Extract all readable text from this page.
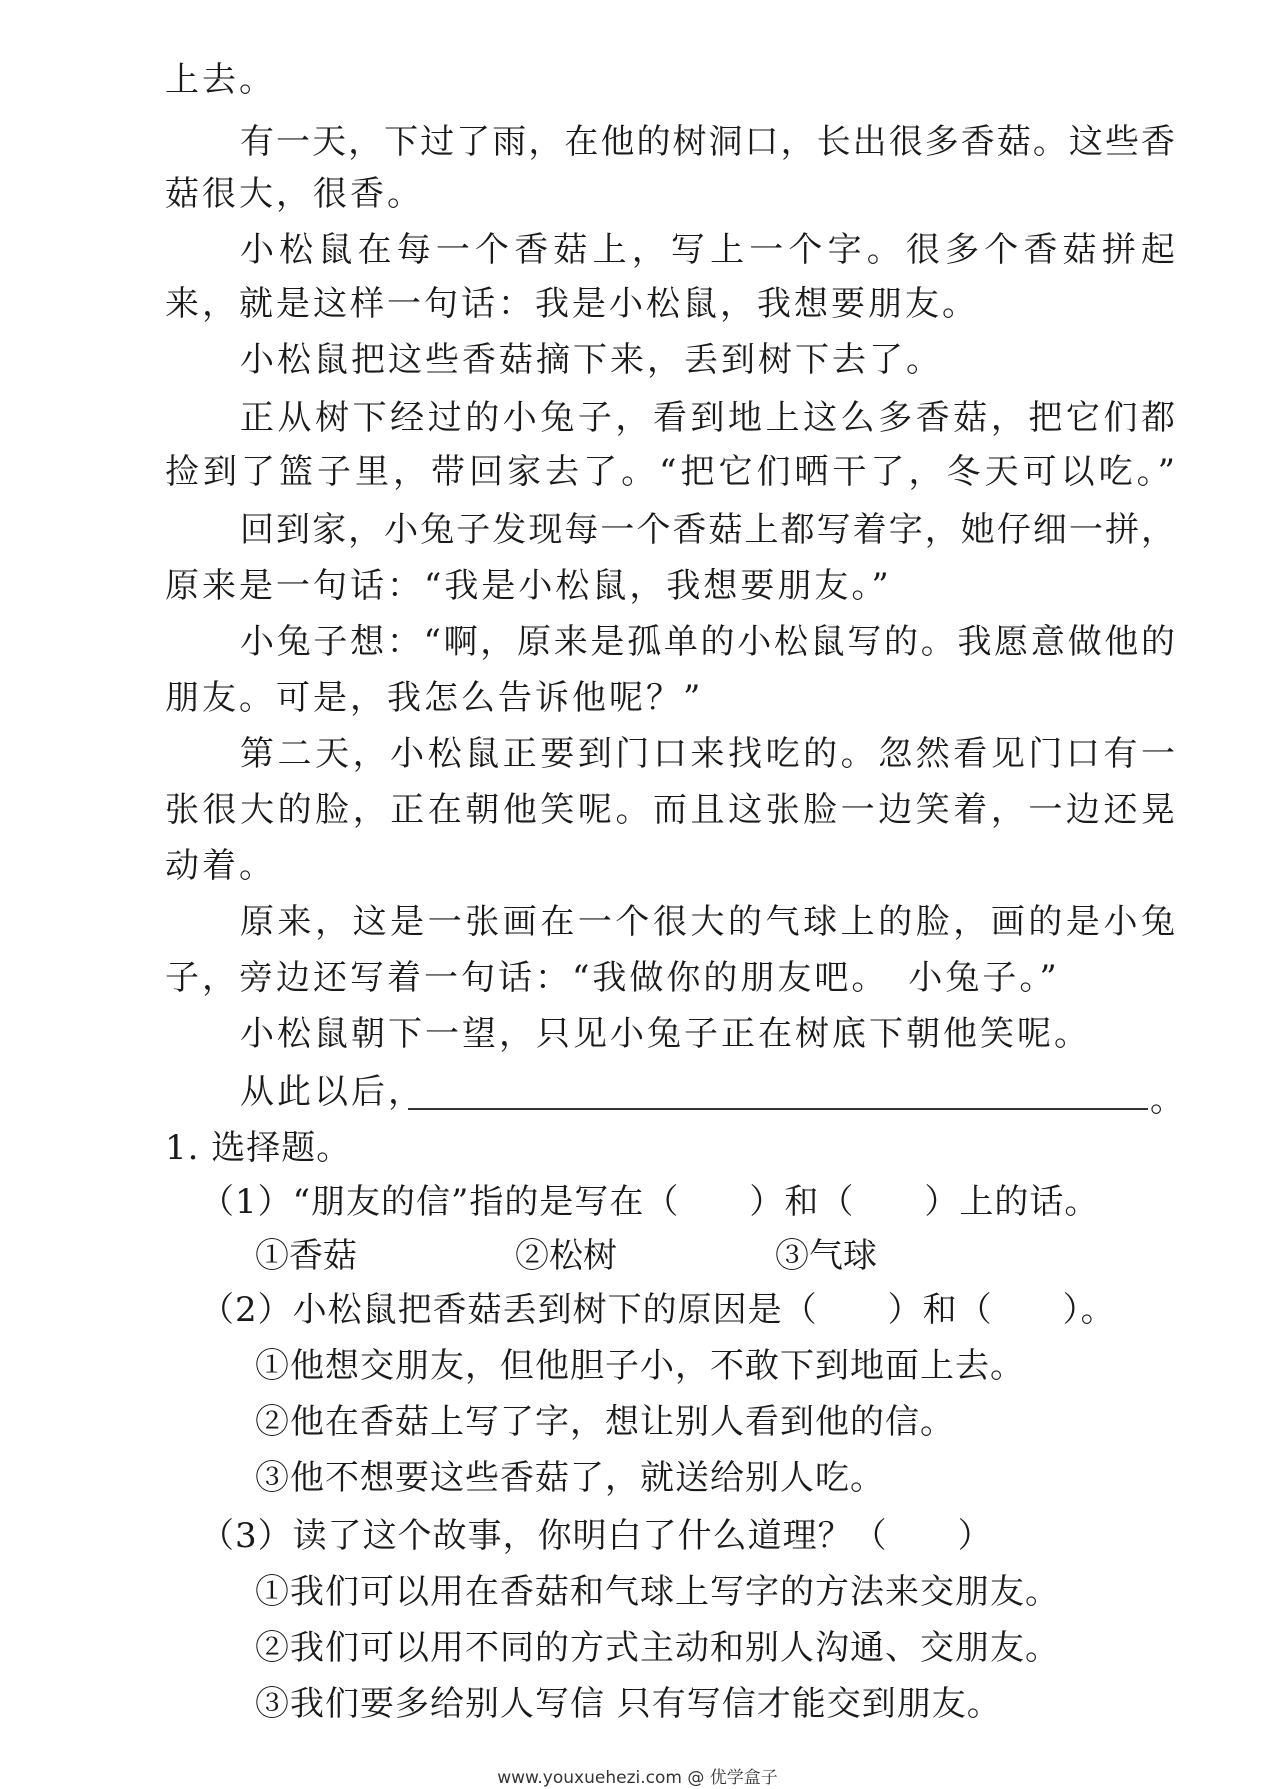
上去。
有一天，下过了雨，在他的树洞口，长出很多香菇。这些香
菇很大，很香。
小松鼠在每一个香菇上，写上一个字。很多个香菇拼起
来，就是这样一句话：我是小松鼠，我想要朋友。
小松鼠把这些香菇摘下来，丢到树下去了。
正从树下经过的小兔子，看到地上这么多香菇，把它们都
捡到了篮子里，带回家去了。“把它们晒干了，冬天可以吃。”
回到家，小兔子发现每一个香菇上都写着字，她仔细一拼，
原来是一句话：“我是小松鼠，我想要朋友。”
小兔子想：“啊，原来是孤单的小松鼠写的。我愿意做他的
朋友。可是，我怎么告诉他呢？”
第二天，小松鼠正要到门口来找吃的。忽然看见门口有一
张很大的脸，正在朝他笑呢。而且这张脸一边笑着，一边还晃
动着。
原来，这是一张画在一个很大的气球上的脸，画的是小兔
子，旁边还写着一句话：“我做你的朋友吧。　小兔子。”
小松鼠朝下一望，只见小兔子正在树底下朝他笑呢。
从此以后，	。
1. 选择题。
（1）“朋友的信”指的是写在（　　）和（　　）上的话。
①香菇	②松树	③气球
（2）小松鼠把香菇丢到树下的原因是（　　）和（　　）。
①他想交朋友，但他胆子小，不敢下到地面上去。
②他在香菇上写了字，想让别人看到他的信。
③他不想要这些香菇了，就送给别人吃。
（3）读了这个故事，你明白了什么道理？（　　）
①我们可以用在香菇和气球上写字的方法来交朋友。
②我们可以用不同的方式主动和别人沟通、交朋友。
③我们要多给别人写信 只有写信才能交到朋友。
www.youxuehezi.com @ 优学盒子
